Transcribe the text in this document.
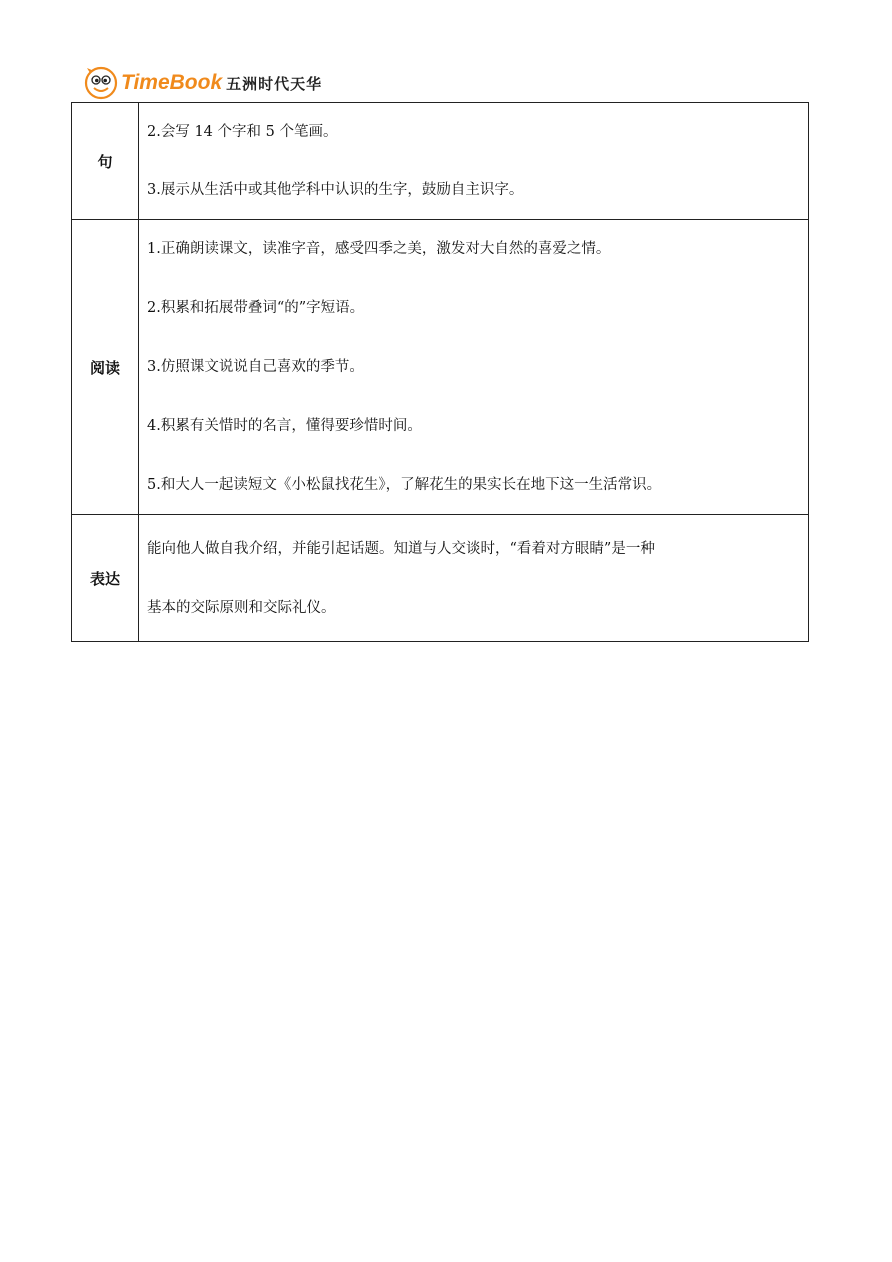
TimeBook 五洲时代天华
句	2.会写 14 个字和 5 个笔画。
3.展示从生活中或其他学科中认识的生字，鼓励自主识字。

阅读	1.正确朗读课文，读准字音，感受四季之美，激发对大自然的喜爱之情。
2.积累和拓展带叠词“的”字短语。
3.仿照课文说说自己喜欢的季节。
4.积累有关惜时的名言，懂得要珍惜时间。
5.和大人一起读短文《小松鼠找花生》，了解花生的果实长在地下这一生活常识。

表达	能向他人做自我介绍，并能引起话题。知道与人交谈时，“看着对方眼睛”是一种
基本的交际原则和交际礼仪。
